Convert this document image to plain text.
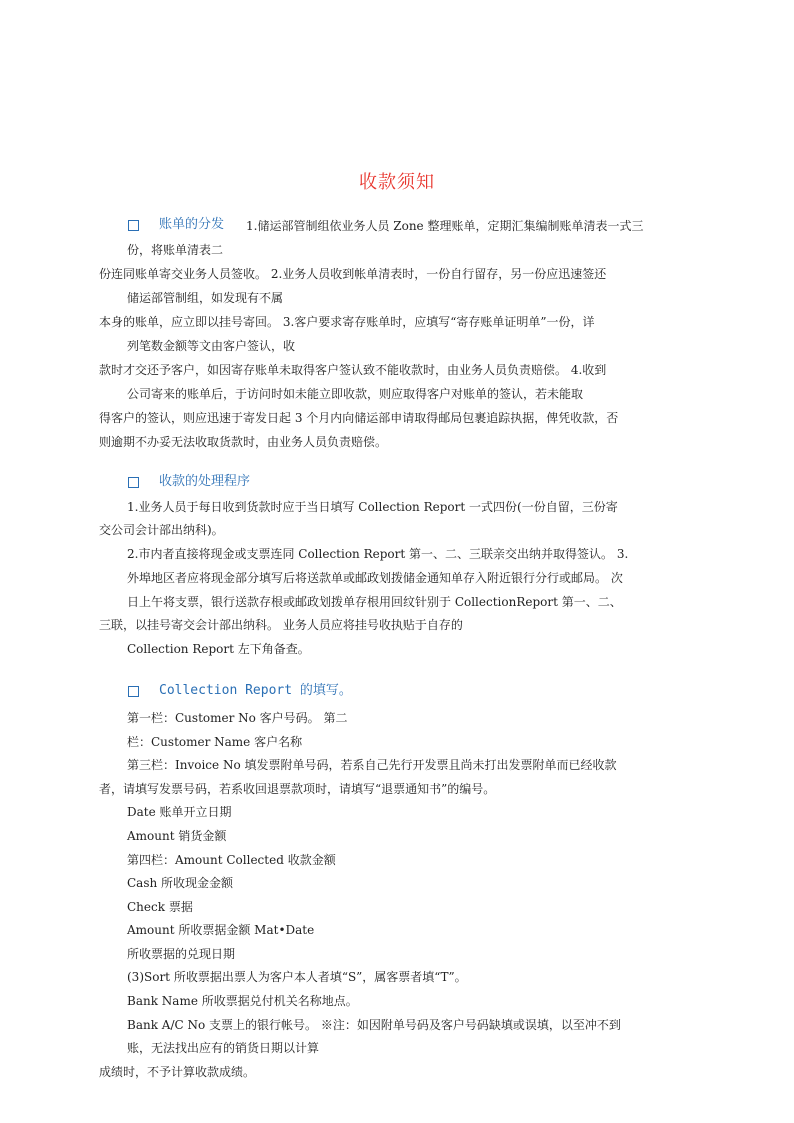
收款须知
账单的分发 1.储运部管制组依业务人员 Zone 整理账单，定期汇集编制账单清表一式三
份，将账单清表二
份连同账单寄交业务人员签收。 2.业务人员收到帐单清表时，一份自行留存，另一份应迅速签还
储运部管制组，如发现有不属
本身的账单，应立即以挂号寄回。 3.客户要求寄存账单时，应填写“寄存账单证明单”一份，详
列笔数金额等文由客户签认，收
款时才交还予客户，如因寄存账单未取得客户签认致不能收款时，由业务人员负责赔偿。 4.收到
公司寄来的账单后，于访问时如未能立即收款，则应取得客户对账单的签认，若未能取
得客户的签认，则应迅速于寄发日起 3 个月内向储运部申请取得邮局包裹追踪执据，俾凭收款，否
则逾期不办妥无法收取货款时，由业务人员负责赔偿。
收款的处理程序
1.业务人员于每日收到货款时应于当日填写 Collection Report 一式四份(一份自留，三份寄
交公司会计部出纳科)。
2.市内者直接将现金或支票连同 Collection Report 第一、二、三联亲交出纳并取得签认。 3.
外埠地区者应将现金部分填写后将送款单或邮政划拨储金通知单存入附近银行分行或邮局。 次
日上午将支票，银行送款存根或邮政划拨单存根用回纹针别于 CollectionReport 第一、二、
三联，以挂号寄交会计部出纳科。 业务人员应将挂号收执贴于自存的
Collection Report 左下角备查。
Collection Report 的填写。
第一栏：Customer No 客户号码。 第二
栏：Customer Name 客户名称
第三栏：Invoice No 填发票附单号码，若系自己先行开发票且尚未打出发票附单而已经收款
者，请填写发票号码，若系收回退票款项时，请填写“退票通知书”的编号。
Date 账单开立日期
Amount 销货金额
第四栏：Amount Collected 收款金额
Cash 所收现金金额
Check 票据
Amount 所收票据金额 Mat•Date
所收票据的兑现日期
(3)Sort 所收票据出票人为客户本人者填“S”，属客票者填“T”。
Bank Name 所收票据兑付机关名称地点。
Bank A/C No 支票上的银行帐号。 ※注：如因附单号码及客户号码缺填或误填，以至冲不到
账，无法找出应有的销货日期以计算
成绩时，不予计算收款成绩。
